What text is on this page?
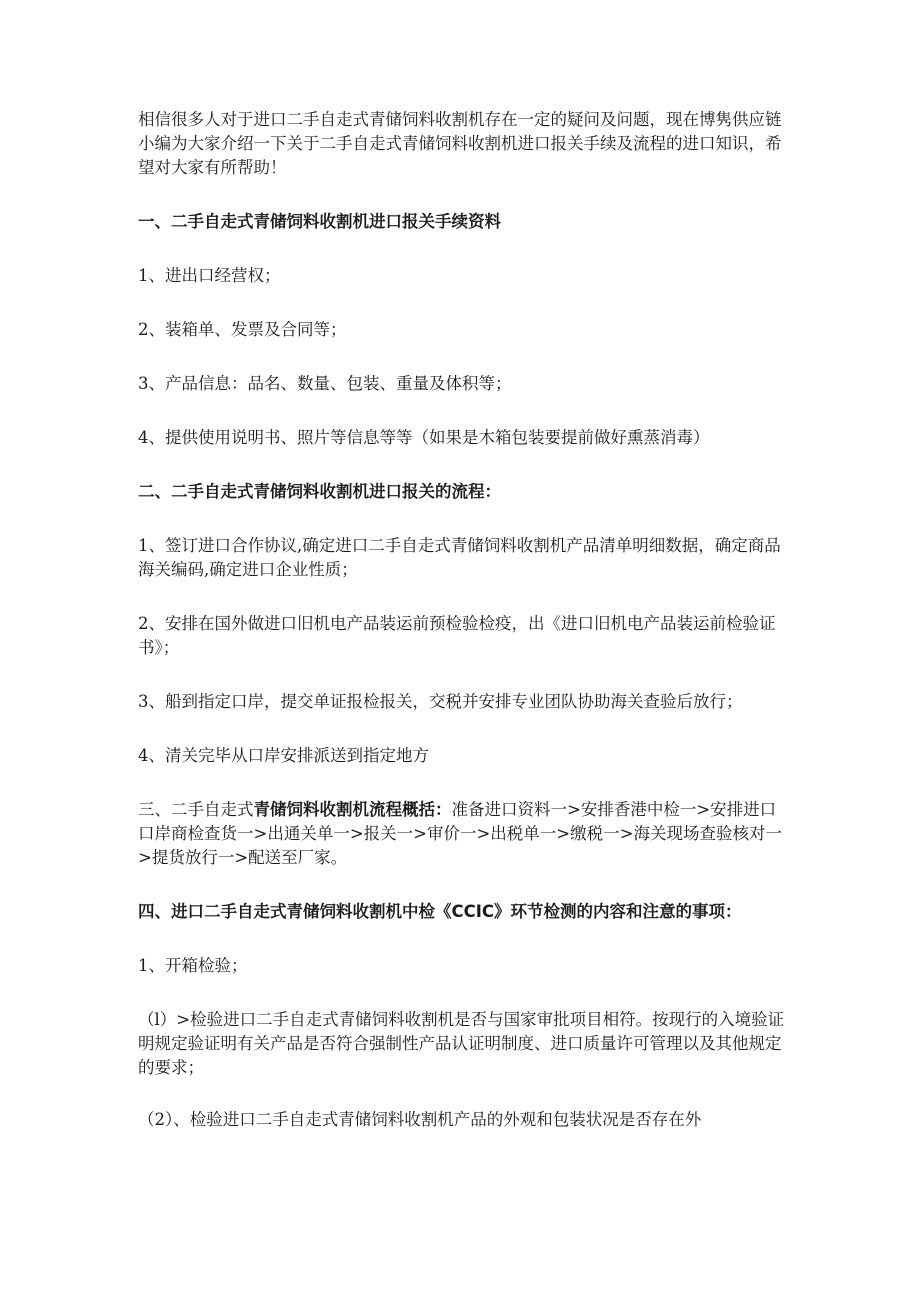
相信很多人对于进口二手自走式青储饲料收割机存在一定的疑问及问题，现在博隽供应链小编为大家介绍一下关于二手自走式青储饲料收割机进口报关手续及流程的进口知识，希望对大家有所帮助！

一、二手自走式青储饲料收割机进口报关手续资料

1、进出口经营权；

2、装箱单、发票及合同等；

3、产品信息：品名、数量、包装、重量及体积等；

4、提供使用说明书、照片等信息等等（如果是木箱包装要提前做好熏蒸消毒）

二、二手自走式青储饲料收割机进口报关的流程：

1、签订进口合作协议,确定进口二手自走式青储饲料收割机产品清单明细数据，确定商品海关编码,确定进口企业性质；

2、安排在国外做进口旧机电产品装运前预检验检疫，出《进口旧机电产品装运前检验证书》；

3、船到指定口岸，提交单证报检报关，交税并安排专业团队协助海关查验后放行；

4、清关完毕从口岸安排派送到指定地方

三、二手自走式青储饲料收割机流程概括：准备进口资料一>安排香港中检一>安排进口口岸商检查货一>出通关单一>报关一>审价一>出税单一>缴税一>海关现场查验核对一>提货放行一>配送至厂家。

四、进口二手自走式青储饲料收割机中检《CCIC》环节检测的内容和注意的事项：

1、开箱检验；

（l）>检验进口二手自走式青储饲料收割机是否与国家审批项目相符。按现行的入境验证明规定验证明有关产品是否符合强制性产品认证明制度、进口质量许可管理以及其他规定的要求；

（2）、检验进口二手自走式青储饲料收割机产品的外观和包装状况是否存在外
